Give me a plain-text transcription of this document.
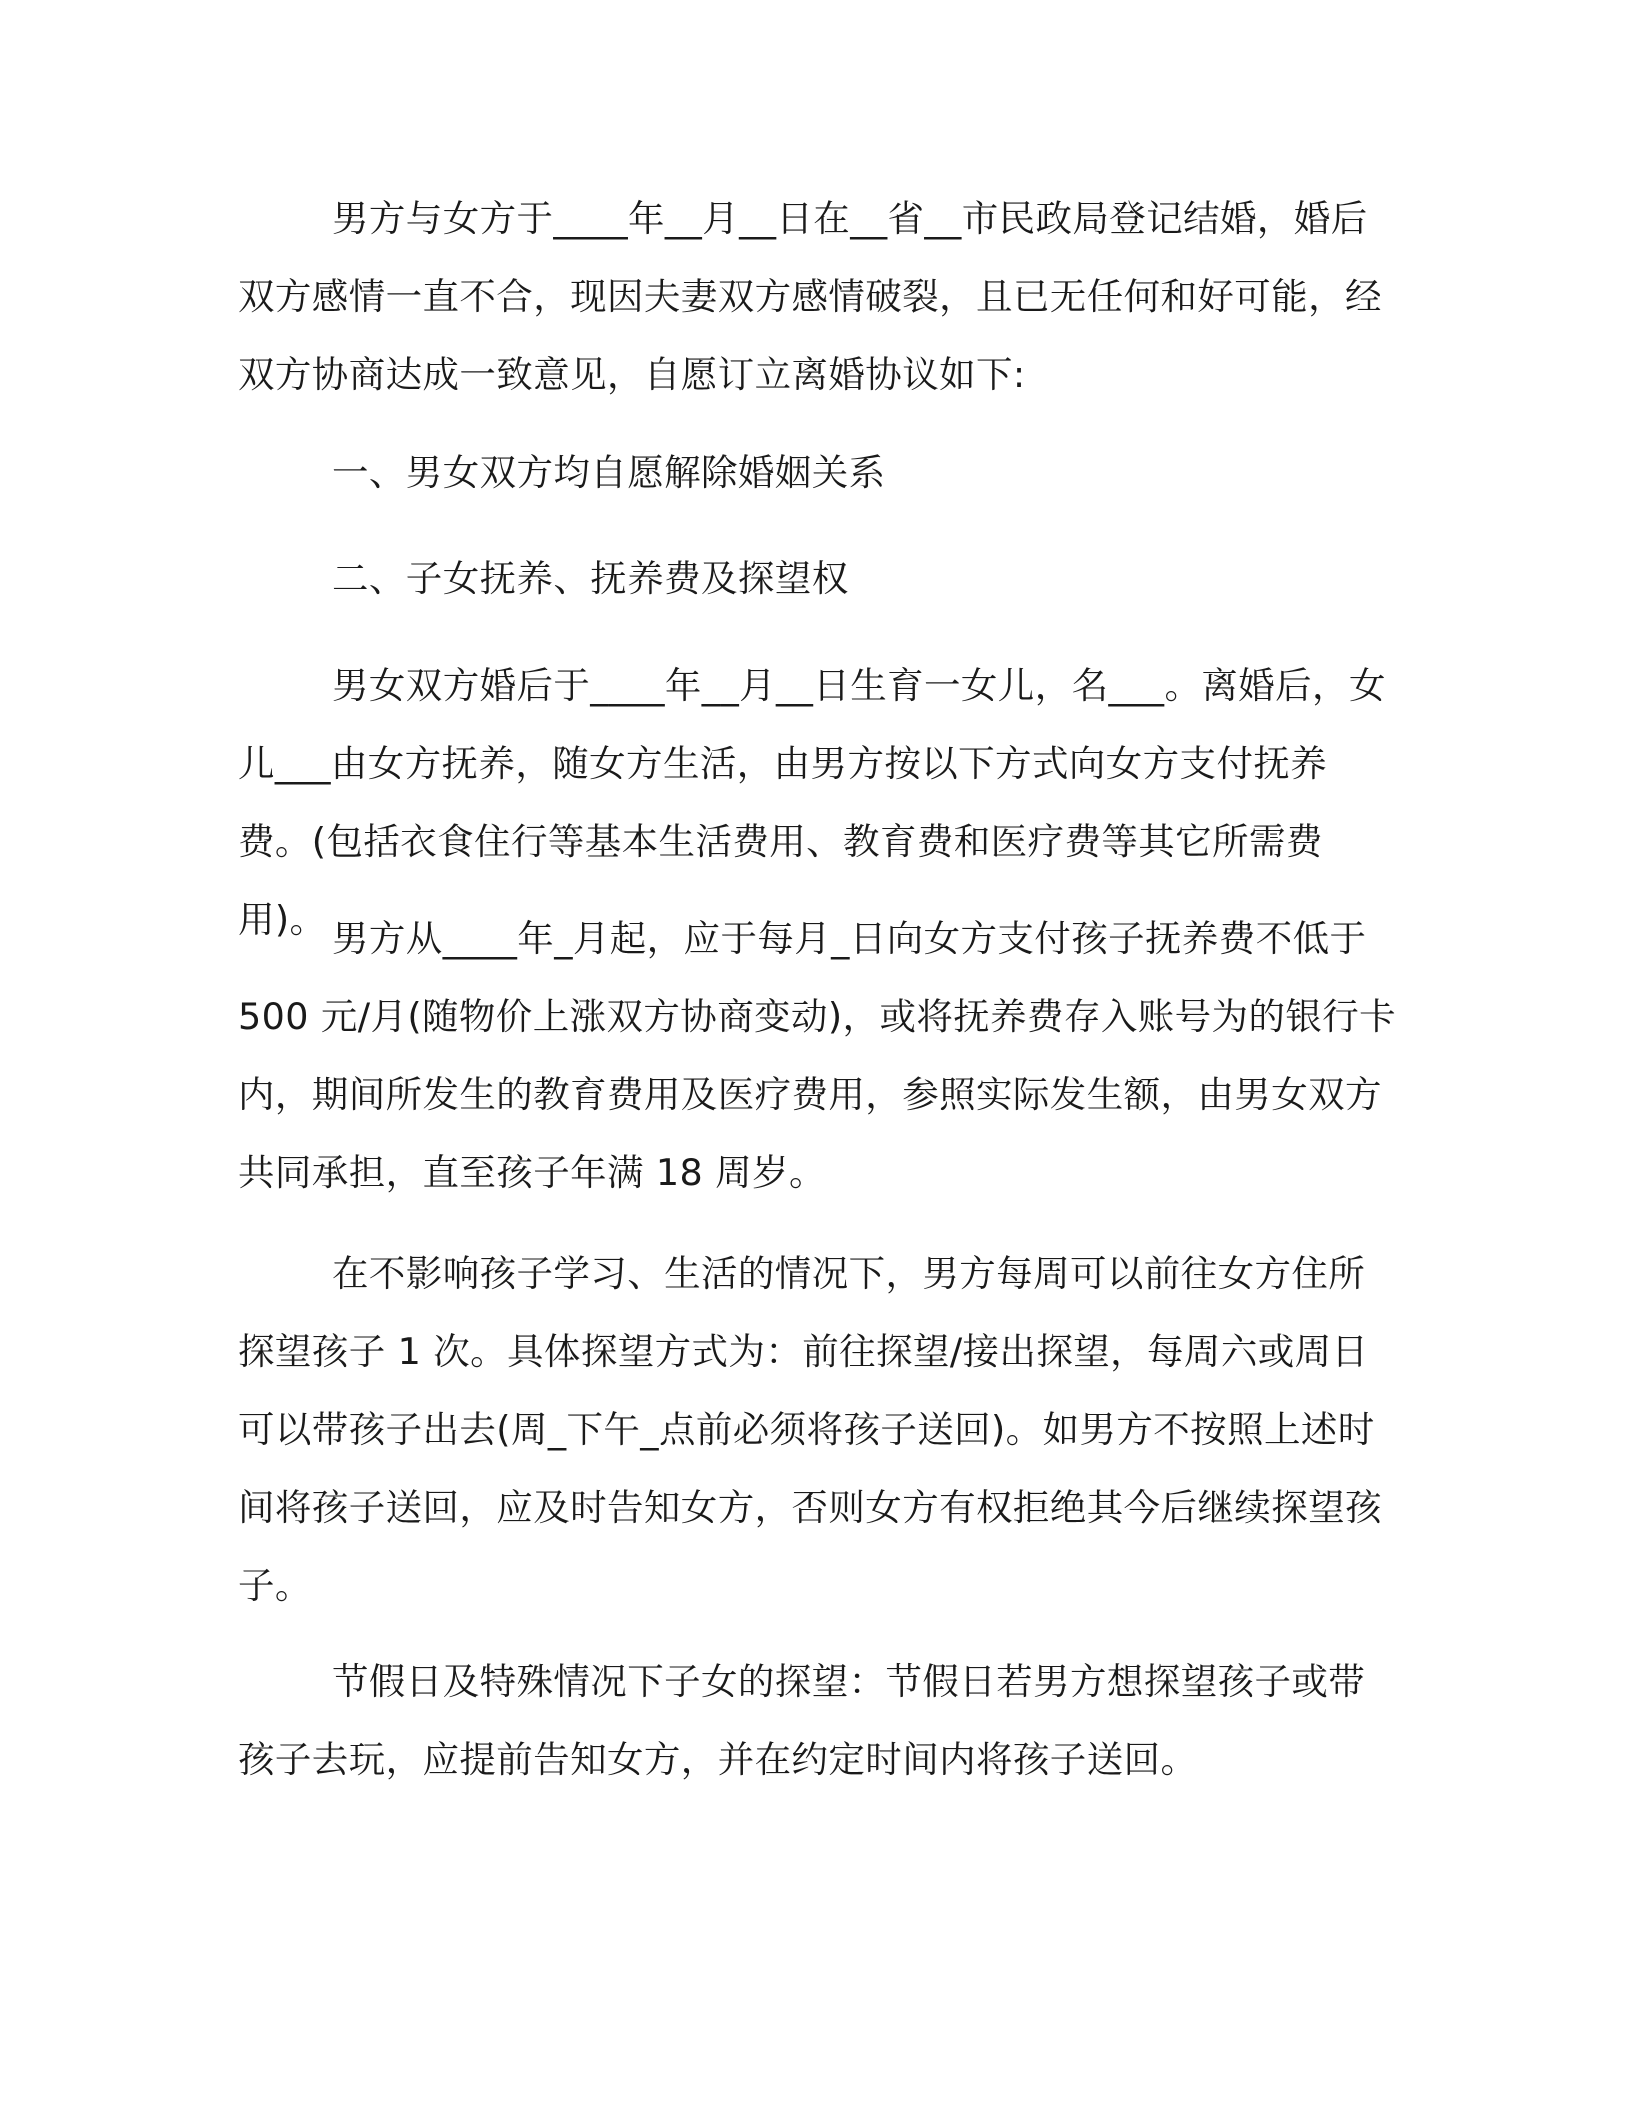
男方与女方于____年__月__日在__省__市民政局登记结婚，婚后双方感情一直不合，现因夫妻双方感情破裂，且已无任何和好可能，经双方协商达成一致意见，自愿订立离婚协议如下:

一、男女双方均自愿解除婚姻关系

二、子女抚养、抚养费及探望权

男女双方婚后于____年__月__日生育一女儿，名___。离婚后，女儿___由女方抚养，随女方生活，由男方按以下方式向女方支付抚养费。(包括衣食住行等基本生活费用、教育费和医疗费等其它所需费用)。 男方从____年_月起，应于每月_日向女方支付孩子抚养费不低于 500 元/月(随物价上涨双方协商变动)，或将抚养费存入账号为的银行卡内，期间所发生的教育费用及医疗费用，参照实际发生额，由男女双方共同承担，直至孩子年满 18 周岁。

在不影响孩子学习、生活的情况下，男方每周可以前往女方住所探望孩子 1 次。具体探望方式为：前往探望/接出探望，每周六或周日可以带孩子出去(周_下午_点前必须将孩子送回)。如男方不按照上述时间将孩子送回，应及时告知女方，否则女方有权拒绝其今后继续探望孩子。

节假日及特殊情况下子女的探望：节假日若男方想探望孩子或带孩子去玩，应提前告知女方，并在约定时间内将孩子送回。
